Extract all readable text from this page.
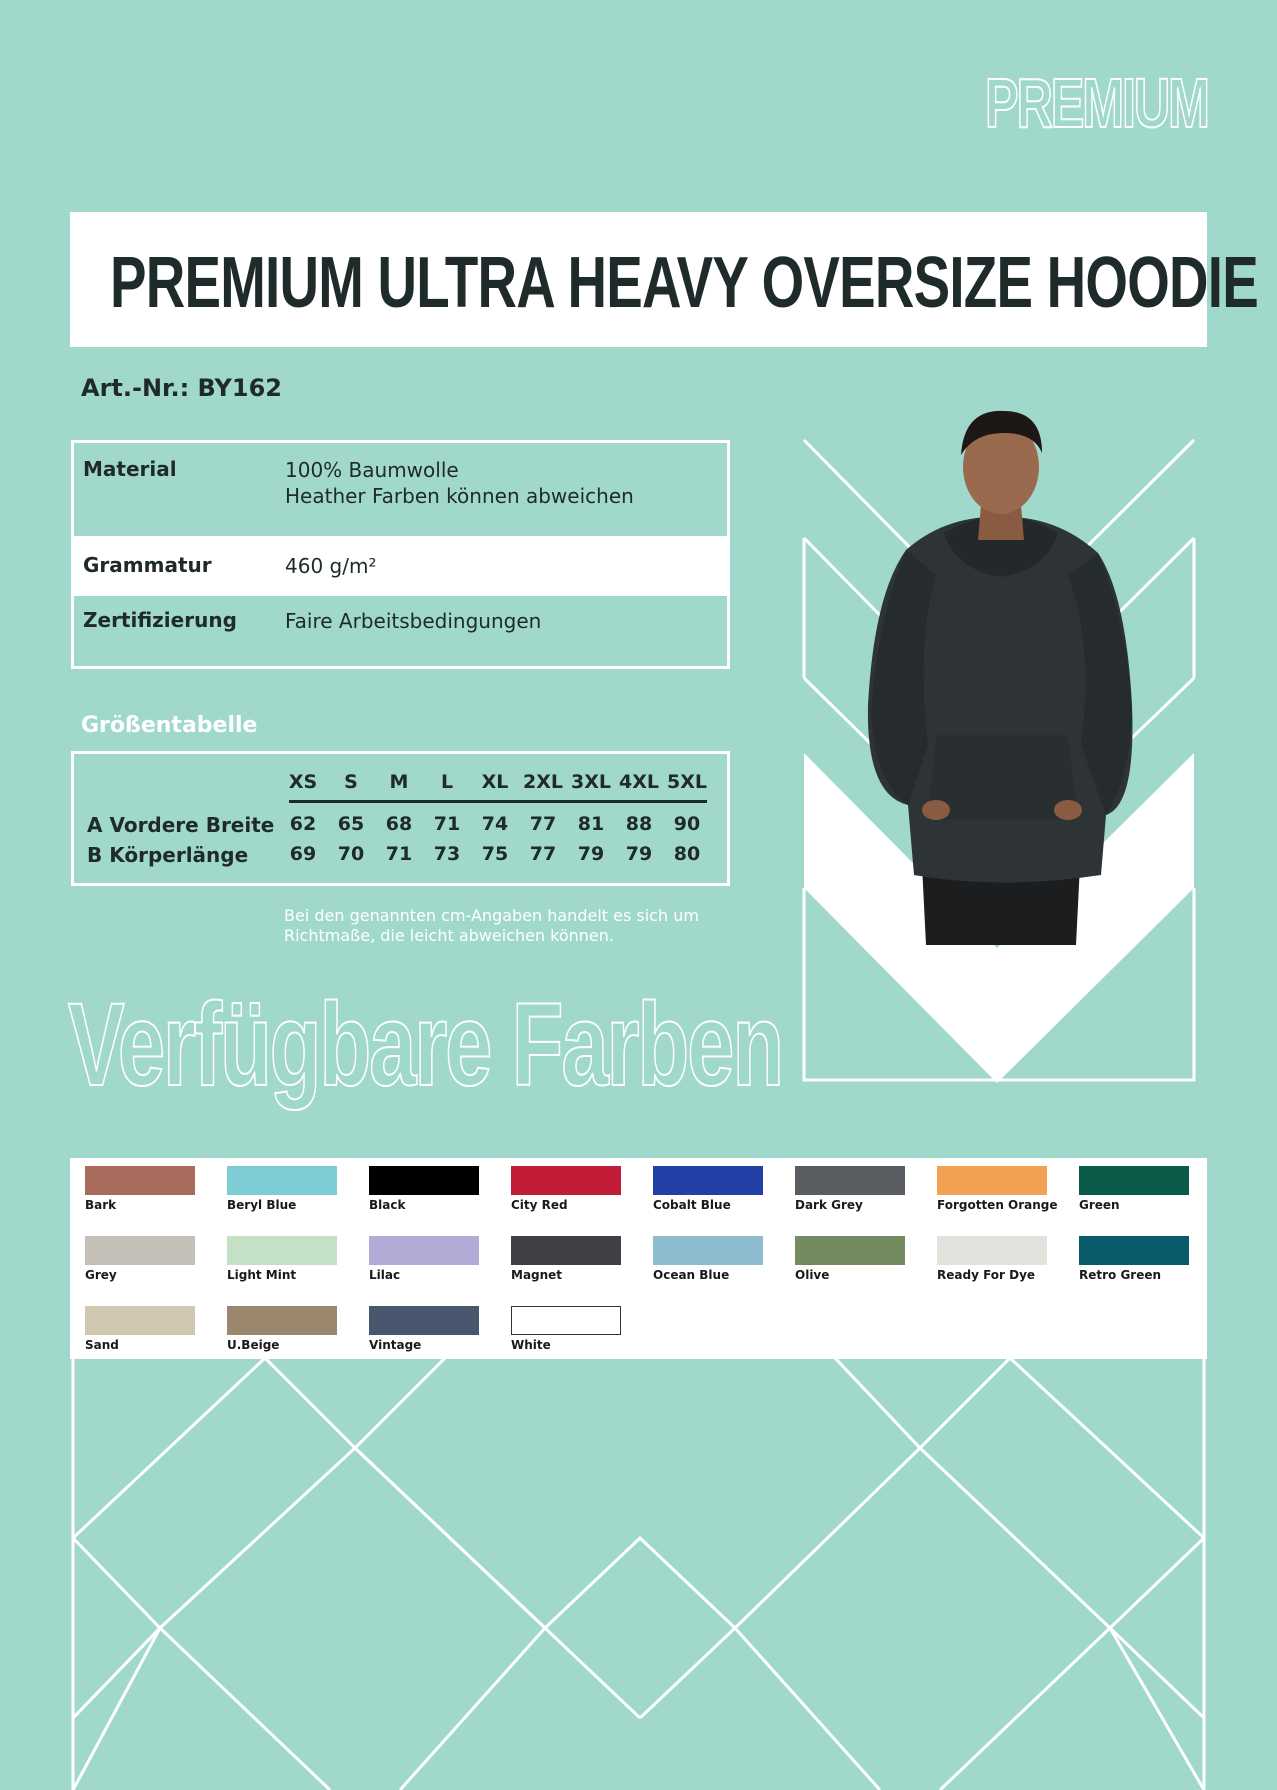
PREMIUM
PREMIUM ULTRA HEAVY OVERSIZE HOODIE
Art.-Nr.: BY162
Material	100% Baumwolle
Heather Farben können abweichen
Grammatur	460 g/m²
Zertifizierung Faire Arbeitsbedingungen
Größentabelle
XS	S	M	L	XL 2XL 3XL 4XL 5XL
A Vordere Breite 62	65	68	71	74	77	81	88	90
B Körperlänge	69	70	71	73	75	77	79	79	80
Bei den genannten cm-Angaben handelt es sich um
Richtmaße, die leicht abweichen können.
Verfügbare Farben
Bark	Beryl Blue	Black	City Red	Cobalt Blue	Dark Grey	Forgotten Orange	Green
Grey	Light Mint	Lilac	Magnet	Ocean Blue	Olive	Ready For Dye	Retro Green
Sand	U.Beige	Vintage	White
